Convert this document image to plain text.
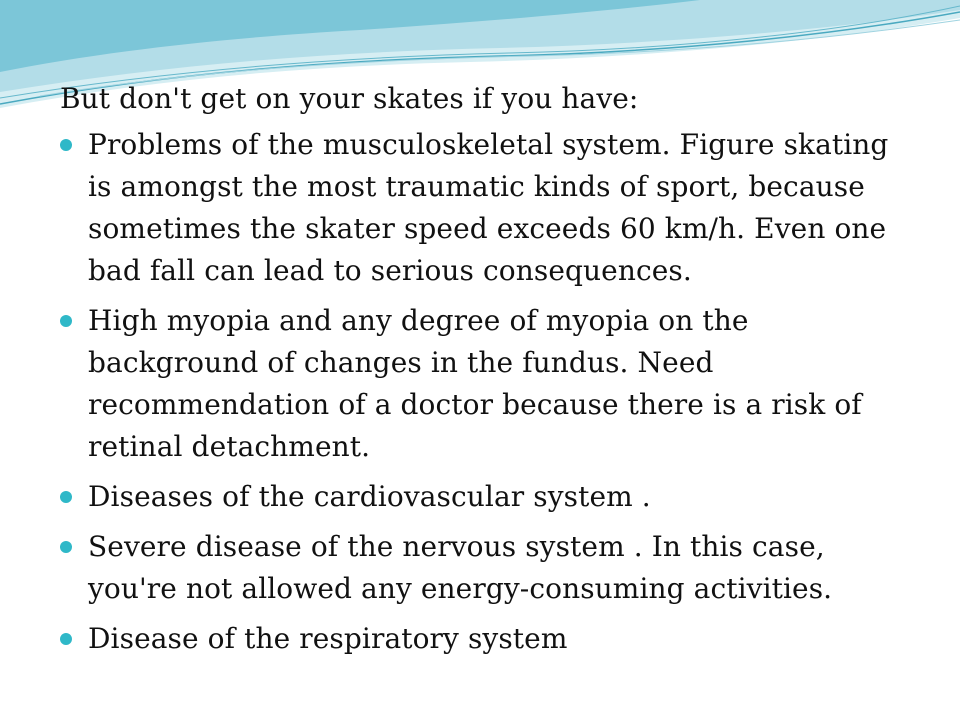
But don't get on your skates if you have:

Problems of the musculoskeletal system. Figure skating is amongst the most traumatic kinds of sport, because sometimes the skater speed exceeds 60 km/h. Even one bad fall can lead to serious consequences.
High myopia and any degree of myopia on the background of changes in the fundus. Need recommendation of a doctor because there is a risk of retinal detachment.
Diseases of the cardiovascular system .
Severe disease of the nervous system . In this case, you're not allowed any energy-consuming activities.
Disease of the respiratory system
